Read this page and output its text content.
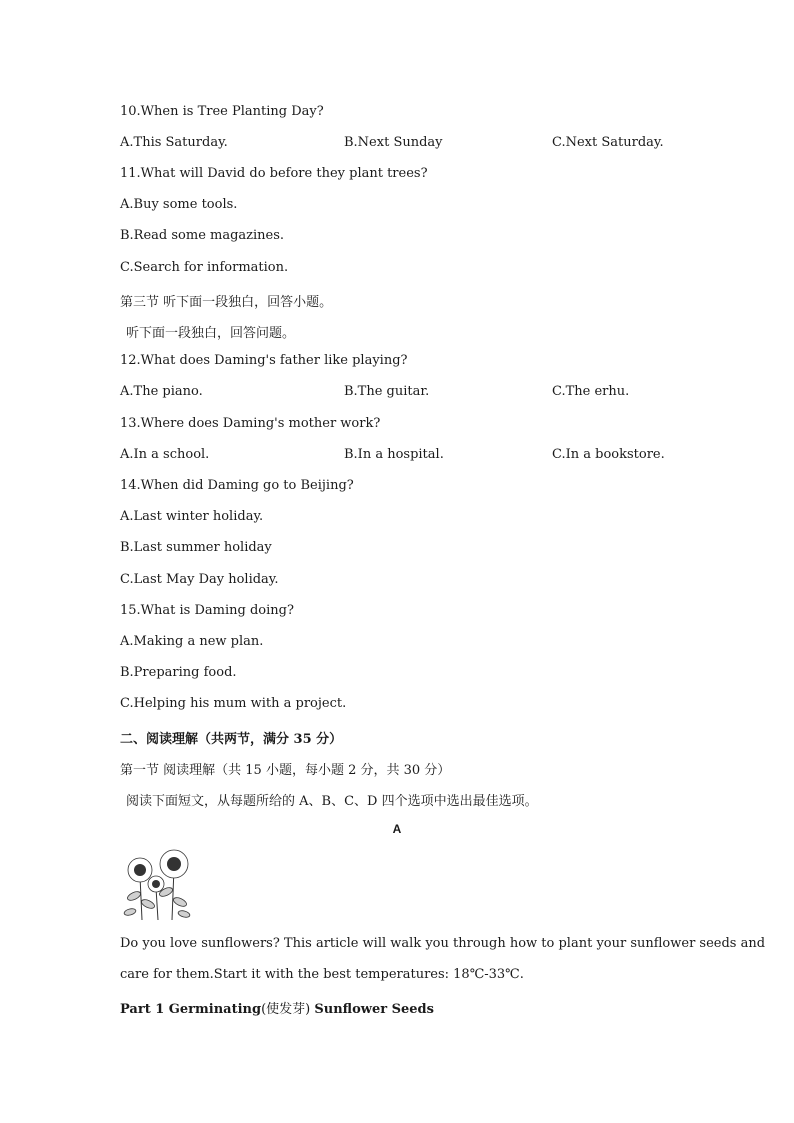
10.When is Tree Planting Day?
A.This Saturday.	B.Next Sunday	C.Next Saturday.
11.What will David do before they plant trees?
A.Buy some tools.
B.Read some magazines.
C.Search for information.
第三节 听下面一段独白，回答小题。
听下面一段独白，回答问题。
12.What does Daming's father like playing?
A.The piano.	B.The guitar.	C.The erhu.
13.Where does Daming's mother work?
A.In a school.	B.In a hospital.	C.In a bookstore.
14.When did Daming go to Beijing?
A.Last winter holiday.
B.Last summer holiday
C.Last May Day holiday.
15.What is Daming doing?
A.Making a new plan.
B.Preparing food.
C.Helping his mum with a project.
二、阅读理解（共两节，满分 35 分）
第一节 阅读理解（共 15 小题，每小题 2 分，共 30 分）
阅读下面短文，从每题所给的 A、B、C、D 四个选项中选出最佳选项。
A
Do you love sunflowers? This article will walk you through how to plant your sunflower seeds and
care for them.Start it with the best temperatures: 18℃-33℃.
Part 1 Germinating(使发芽) Sunflower Seeds
